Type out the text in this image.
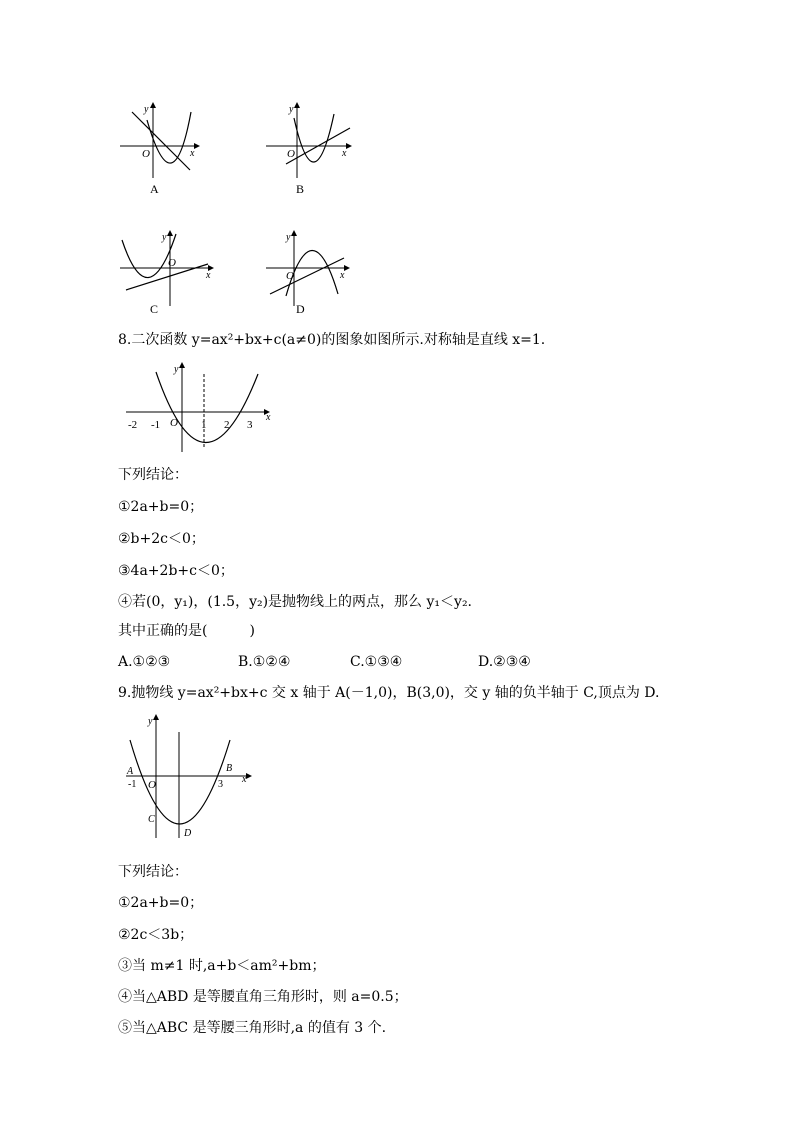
y
x
O
A
y
x
O
B
y
x
O
C
y
x
O
D
8.二次函数 y=ax²+bx+c(a≠0)的图象如图所示.对称轴是直线 x=1.
y
x
O
-2 -1	1 2 3
下列结论：
①2a+b=0；
②b+2c＜0；
③4a+2b+c＜0；
④若(0，y₁)，(1.5，y₂)是抛物线上的两点，那么 y₁＜y₂.
其中正确的是(　　　)
A.①②③	B.①②④	C.①③④	D.②③④
9.抛物线 y=ax²+bx+c 交 x 轴于 A(－1,0)，B(3,0)，交 y 轴的负半轴于 C,顶点为 D.
y
x
O
A	B
C
D
-1	3
下列结论：
①2a+b=0；
②2c＜3b；
③当 m≠1 时,a+b＜am²+bm；
④当△ABD 是等腰直角三角形时，则 a=0.5；
⑤当△ABC 是等腰三角形时,a 的值有 3 个.
